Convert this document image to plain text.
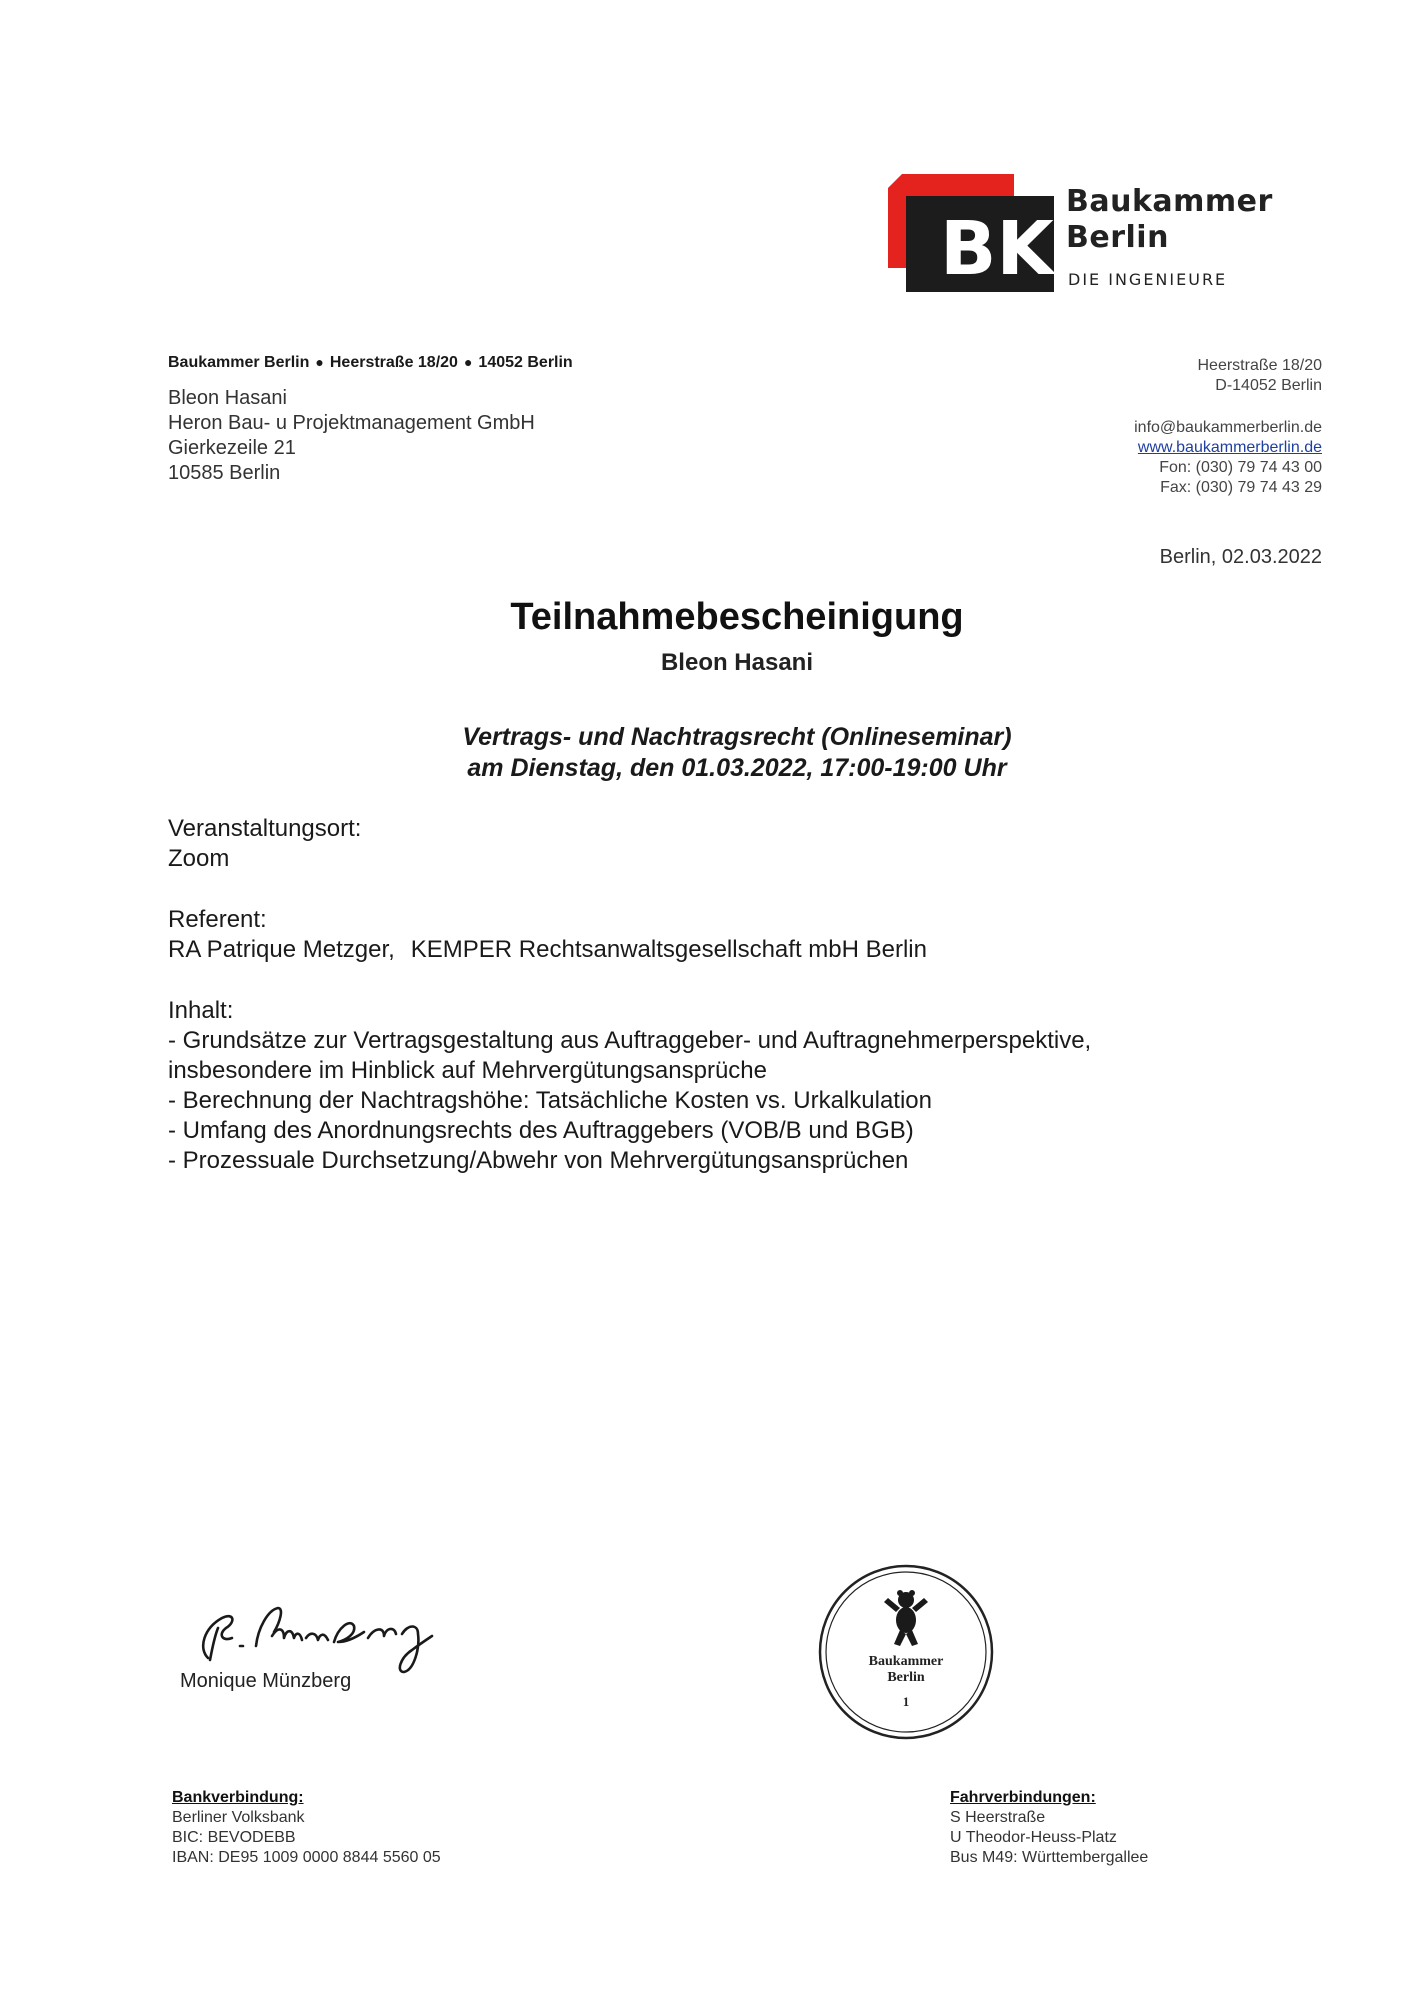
BK
Baukammer
Berlin
DIE INGENIEURE
Baukammer Berlin ● Heerstraße 18/20 ● 14052 Berlin
Bleon Hasani
Heron Bau- u Projektmanagement GmbH
Gierkezeile 21
10585 Berlin
Heerstraße 18/20
D-14052 Berlin
info@baukammerberlin.de
www.baukammerberlin.de
Fon: (030) 79 74 43 00
Fax: (030) 79 74 43 29
Berlin, 02.03.2022
Teilnahmebescheinigung
Bleon Hasani
Vertrags- und Nachtragsrecht (Onlineseminar)
am Dienstag, den 01.03.2022, 17:00-19:00 Uhr
Veranstaltungsort:
Zoom
Referent:
RA Patrique Metzger, KEMPER Rechtsanwaltsgesellschaft mbH Berlin
Inhalt:
- Grundsätze zur Vertragsgestaltung aus Auftraggeber- und Auftragnehmerperspektive,
insbesondere im Hinblick auf Mehrvergütungsansprüche
- Berechnung der Nachtragshöhe: Tatsächliche Kosten vs. Urkalkulation
- Umfang des Anordnungsrechts des Auftraggebers (VOB/B und BGB)
- Prozessuale Durchsetzung/Abwehr von Mehrvergütungsansprüchen
Monique Münzberg
Baukammer
Berlin
1
Bankverbindung:
Berliner Volksbank
BIC: BEVODEBB
IBAN: DE95 1009 0000 8844 5560 05
Fahrverbindungen:
S Heerstraße
U Theodor-Heuss-Platz
Bus M49: Württembergallee
